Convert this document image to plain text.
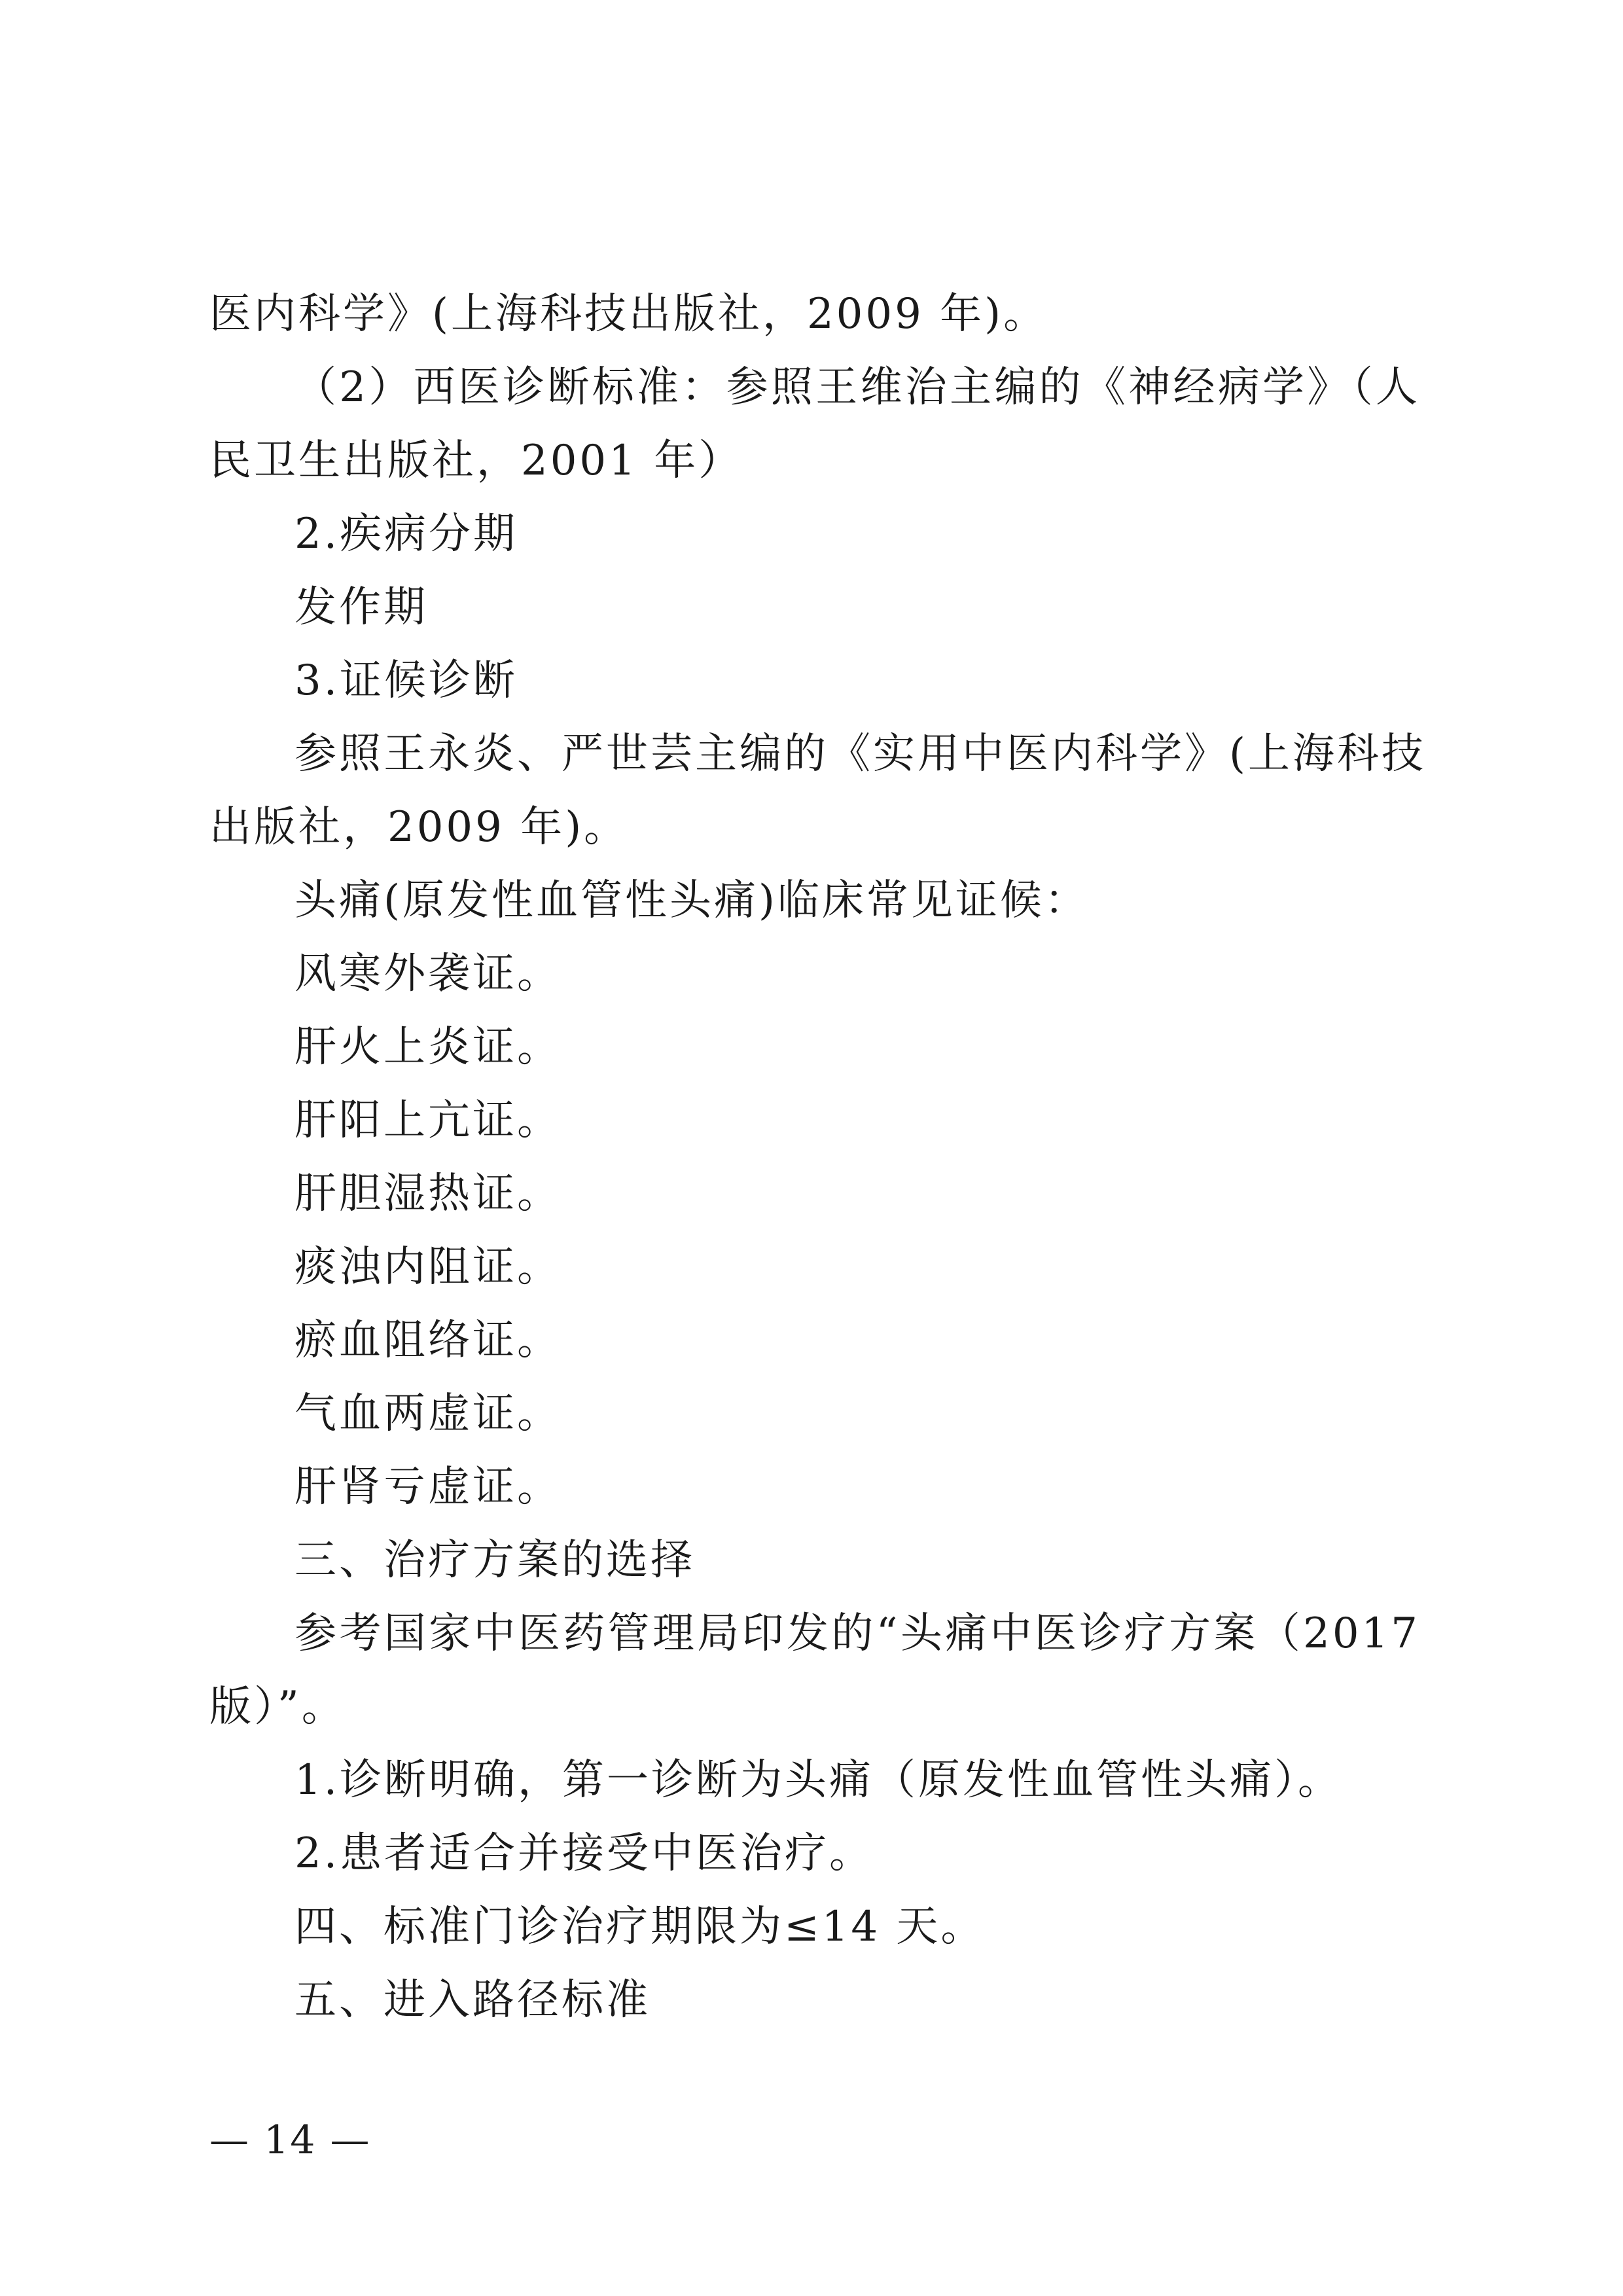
医内科学》(上海科技出版社，2009 年)。
（2）西医诊断标准：参照王维治主编的《神经病学》（人
民卫生出版社，2001 年）
2.疾病分期
发作期
3.证候诊断
参照王永炎、严世芸主编的《实用中医内科学》(上海科技
出版社，2009 年)。
头痛(原发性血管性头痛)临床常见证候：
风寒外袭证。
肝火上炎证。
肝阳上亢证。
肝胆湿热证。
痰浊内阻证。
瘀血阻络证。
气血两虚证。
肝肾亏虚证。
三、治疗方案的选择
参考国家中医药管理局印发的“头痛中医诊疗方案（2017
版）”。
1.诊断明确，第一诊断为头痛（原发性血管性头痛）。
2.患者适合并接受中医治疗。
四、标准门诊治疗期限为≤14 天。
五、进入路径标准
— 14 —
